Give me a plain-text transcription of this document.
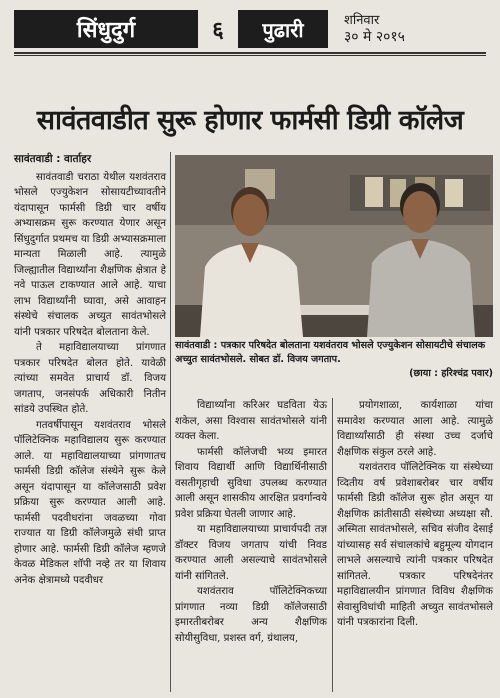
सिंधुदुर्ग	६	पुढारी	शनिवार
३० मे २०१५
सावंतवाडीत सुरू होणार फार्मसी डिग्री कॉलेज
सावंतवाडी : पत्रकार परिषदेत बोलताना यशवंतराव भोसले एज्युकेशन सोसायटीचे संचालक अच्युत सावंतभोसले. सोबत डॉ. विजय जगताप.
(छाया : हरिश्चंद्र पवार)
सावंतवाडी : वार्ताहर

सावंतवाडी चराठा येथील यशवंतराव भोसले एज्युकेशन सोसायटीच्यावतीने यंदापासून फार्मसी डिग्री चार वर्षीय अभ्यासक्रम सुरू करण्यात येणार असून सिंधुदुर्गात प्रथमच या डिग्री अभ्यासक्रमाला मान्यता मिळाली आहे. त्यामुळे जिल्ह्यातील विद्यार्थ्यांना शैक्षणिक क्षेत्रात हे नवे पाऊल टाकण्यात आले आहे. याचा लाभ विद्यार्थ्यांनी घ्यावा, असे आवाहन संस्थेचे संचालक अच्युत सावंतभोसले यांनी पत्रकार परिषदेत बोलताना केले.

ते महाविद्यालयाच्या प्रांगणात पत्रकार परिषदेत बोलत होते. यावेळी त्यांच्या समवेत प्राचार्य डॉ. विजय जगताप, जनसंपर्क अधिकारी नितीन सांडये उपस्थित होते.

गतवर्षीपासून यशवंतराव भोसले पॉलिटेक्निक महाविद्यालय सुरू करण्यात आले. या महाविद्यालयाच्या प्रांगणातच फार्मसी डिग्री कॉलेज संस्थेने सुरू केले असून यंदापासून या कॉलेजसाठी प्रवेश प्रक्रिया सुरू करण्यात आली आहे. फार्मसी पदवीधरांना जवळच्या गोवा राज्यात या डिग्री कॉलेजमुळे संधी प्राप्त होणार आहे. फार्मसी डिग्री कॉलेज म्हणजे केवळ मेडिकल शॉपी नव्हे तर या शिवाय अनेक क्षेत्रामध्ये पदवीधर

विद्यार्थ्यांना करिअर घडविता येऊ शकेल, असा विश्वास सावंतभोसले यांनी व्यक्त केला.

फार्मसी कॉलेजची भव्य इमारत शिवाय विद्यार्थी आणि विद्यार्थिनीसाठी वसतीगृहाची सुविधा उपलब्ध करण्यात आली असून शासकीय आरक्षित प्रवर्गान्वये प्रवेश प्रक्रिया घेतली जाणार आहे.

या महाविद्यालयाच्या प्राचार्यपदी तज्ञ डॉक्टर विजय जगताप यांची निवड करण्यात आली असल्याचे सावंतभोसले यांनी सांगितले.

यशवंतराव पॉलिटेक्निकच्या प्रांगणात नव्या डिग्री कॉलेजसाठी इमारतीबरोबर अन्य शैक्षणिक सोयीसुविधा, प्रशस्त वर्ग, ग्रंथालय,

प्रयोगशाळा, कार्यशाळा यांचा समावेश करण्यात आला आहे. त्यामुळे विद्यार्थ्यांसाठी ही संस्था उच्च दर्जाचे शैक्षणिक संकुल ठरले आहे.

यशवंतराव पॉलिटेक्निक या संस्थेच्या व्दितीय वर्ष प्रवेशाबरोबर चार वर्षीय फार्मसी डिग्री कॉलेज सुरू होत असून या शैक्षणिक क्रांतीसाठी संस्थेच्या अध्यक्षा सौ. अस्मिता सावंतभोसले, सचिव संजीव देसाई यांच्यासह सर्व संचालकांचे बहुमूल्य योगदान लाभले असल्याचे त्यांनी पत्रकार परिषदेत सांगितले. पत्रकार परिषदेनंतर महाविद्यालयीन प्रांगणात विविध शैक्षणिक सेवासुविधांची माहिती अच्युत सावंतभोसले यांनी पत्रकारांना दिली.
